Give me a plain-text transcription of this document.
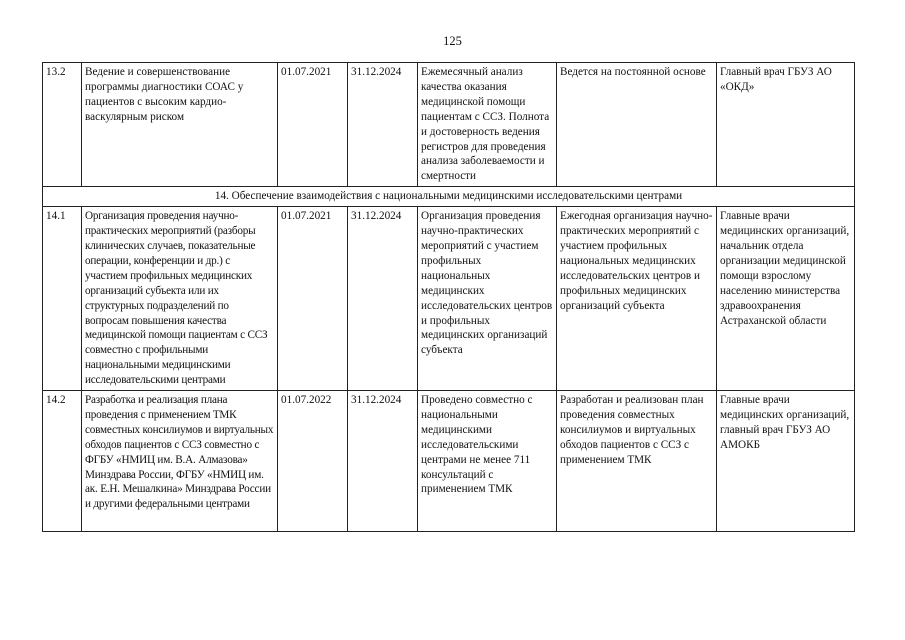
125
13.2	Ведение и совершенствование программы диагностики СОАС у пациентов с высоким кардио-васкулярным риском	01.07.2021	31.12.2024	Ежемесячный анализ качества оказания медицинской помощи пациентам с ССЗ. Полнота и достоверность ведения регистров для проведения анализа заболеваемости и смертности	Ведется на постоянной основе	Главный врач ГБУЗ АО «ОКД»
14. Обеспечение взаимодействия с национальными медицинскими исследовательскими центрами						
14.1	Организация проведения научно-практических мероприятий (разборы клинических случаев, показательные операции, конференции и др.) с участием профильных медицинских организаций субъекта или их структурных подразделений по вопросам повышения качества медицинской помощи пациентам с ССЗ совместно с профильными национальными медицинскими исследовательскими центрами	01.07.2021	31.12.2024	Организация проведения научно-практических мероприятий с участием профильных национальных медицинских исследовательских центров и профильных медицинских организаций субъекта	Ежегодная организация научно-практических мероприятий с участием профильных национальных медицинских исследовательских центров и профильных медицинских организаций субъекта	Главные врачи медицинских организаций, начальник отдела организации медицинской помощи взрослому населению министерства здравоохранения Астраханской области
14.2	Разработка и реализация плана проведения с применением ТМК совместных консилиумов и виртуальных обходов пациентов с ССЗ совместно с ФГБУ «НМИЦ им. В.А. Алмазова» Минздрава России, ФГБУ «НМИЦ им. ак. Е.Н. Мешалкина» Минздрава России и другими федеральными центрами	01.07.2022	31.12.2024	Проведено совместно с национальными медицинскими исследовательскими центрами не менее 711 консультаций с применением ТМК	Разработан и реализован план проведения совместных консилиумов и виртуальных обходов пациентов с ССЗ с применением ТМК	Главные врачи медицинских организаций, главный врач ГБУЗ АО АМОКБ
